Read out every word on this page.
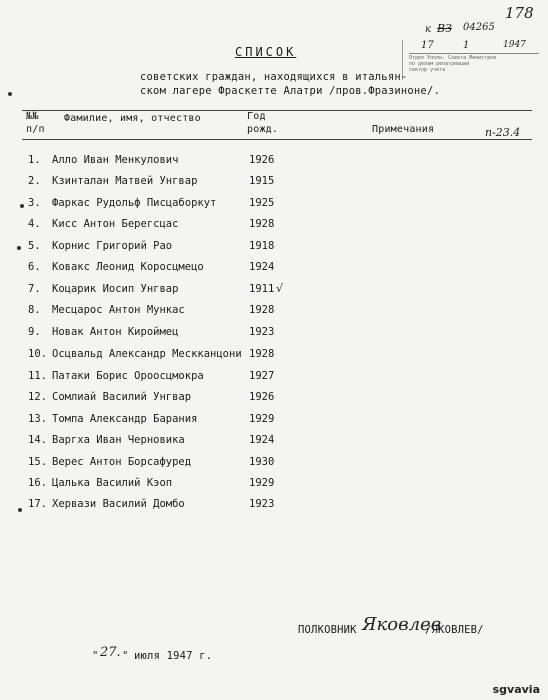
178
к ВЗ 04265
17	1	1947
Отдел Уполн. Совета Министров
по делам репатриации
сектор учета
СПИСОК
советских граждан, находящихся в итальян-
ском лагере Фраскетте Алатри /пров.Фразиноне/.
№№
п/п
Фамилие, имя, отчество	Год
рожд.	Примечания	п-23.4
1. Алло Иван Менкулович	1926
2. Кзинталан Матвей Унгвар	1915
3. Фаркас Рудольф Писцаборкут	1925
4. Кисс Антон Берегсцас	1928
5. Корнис Григорий Рао	1918
6. Ковакс Леонид Коросцмецо	1924
7. Коцарик Иосип Унгвар	1911
8. Месцарос Антон Мункас	1928
9. Новак Антон Кироймец	1923
10. Осцвальд Александр Мескканцони 1928
11. Патаки Борис Ороосцмокра	1927
12. Сомлиай Василий Унгвар	1926
13. Томпа Александр Барания	1929
14. Варгха Иван Черновика	1924
15. Верес Антон Борсафуред	1930
16. Цалька Василий Кэоп	1929
17. Хервази Василий Домбо	1923
√
ПОЛКОВНИК Яковлев
/ЯКОВЛЕВ/
" 27. " июля 1947 г.
sgvavia
